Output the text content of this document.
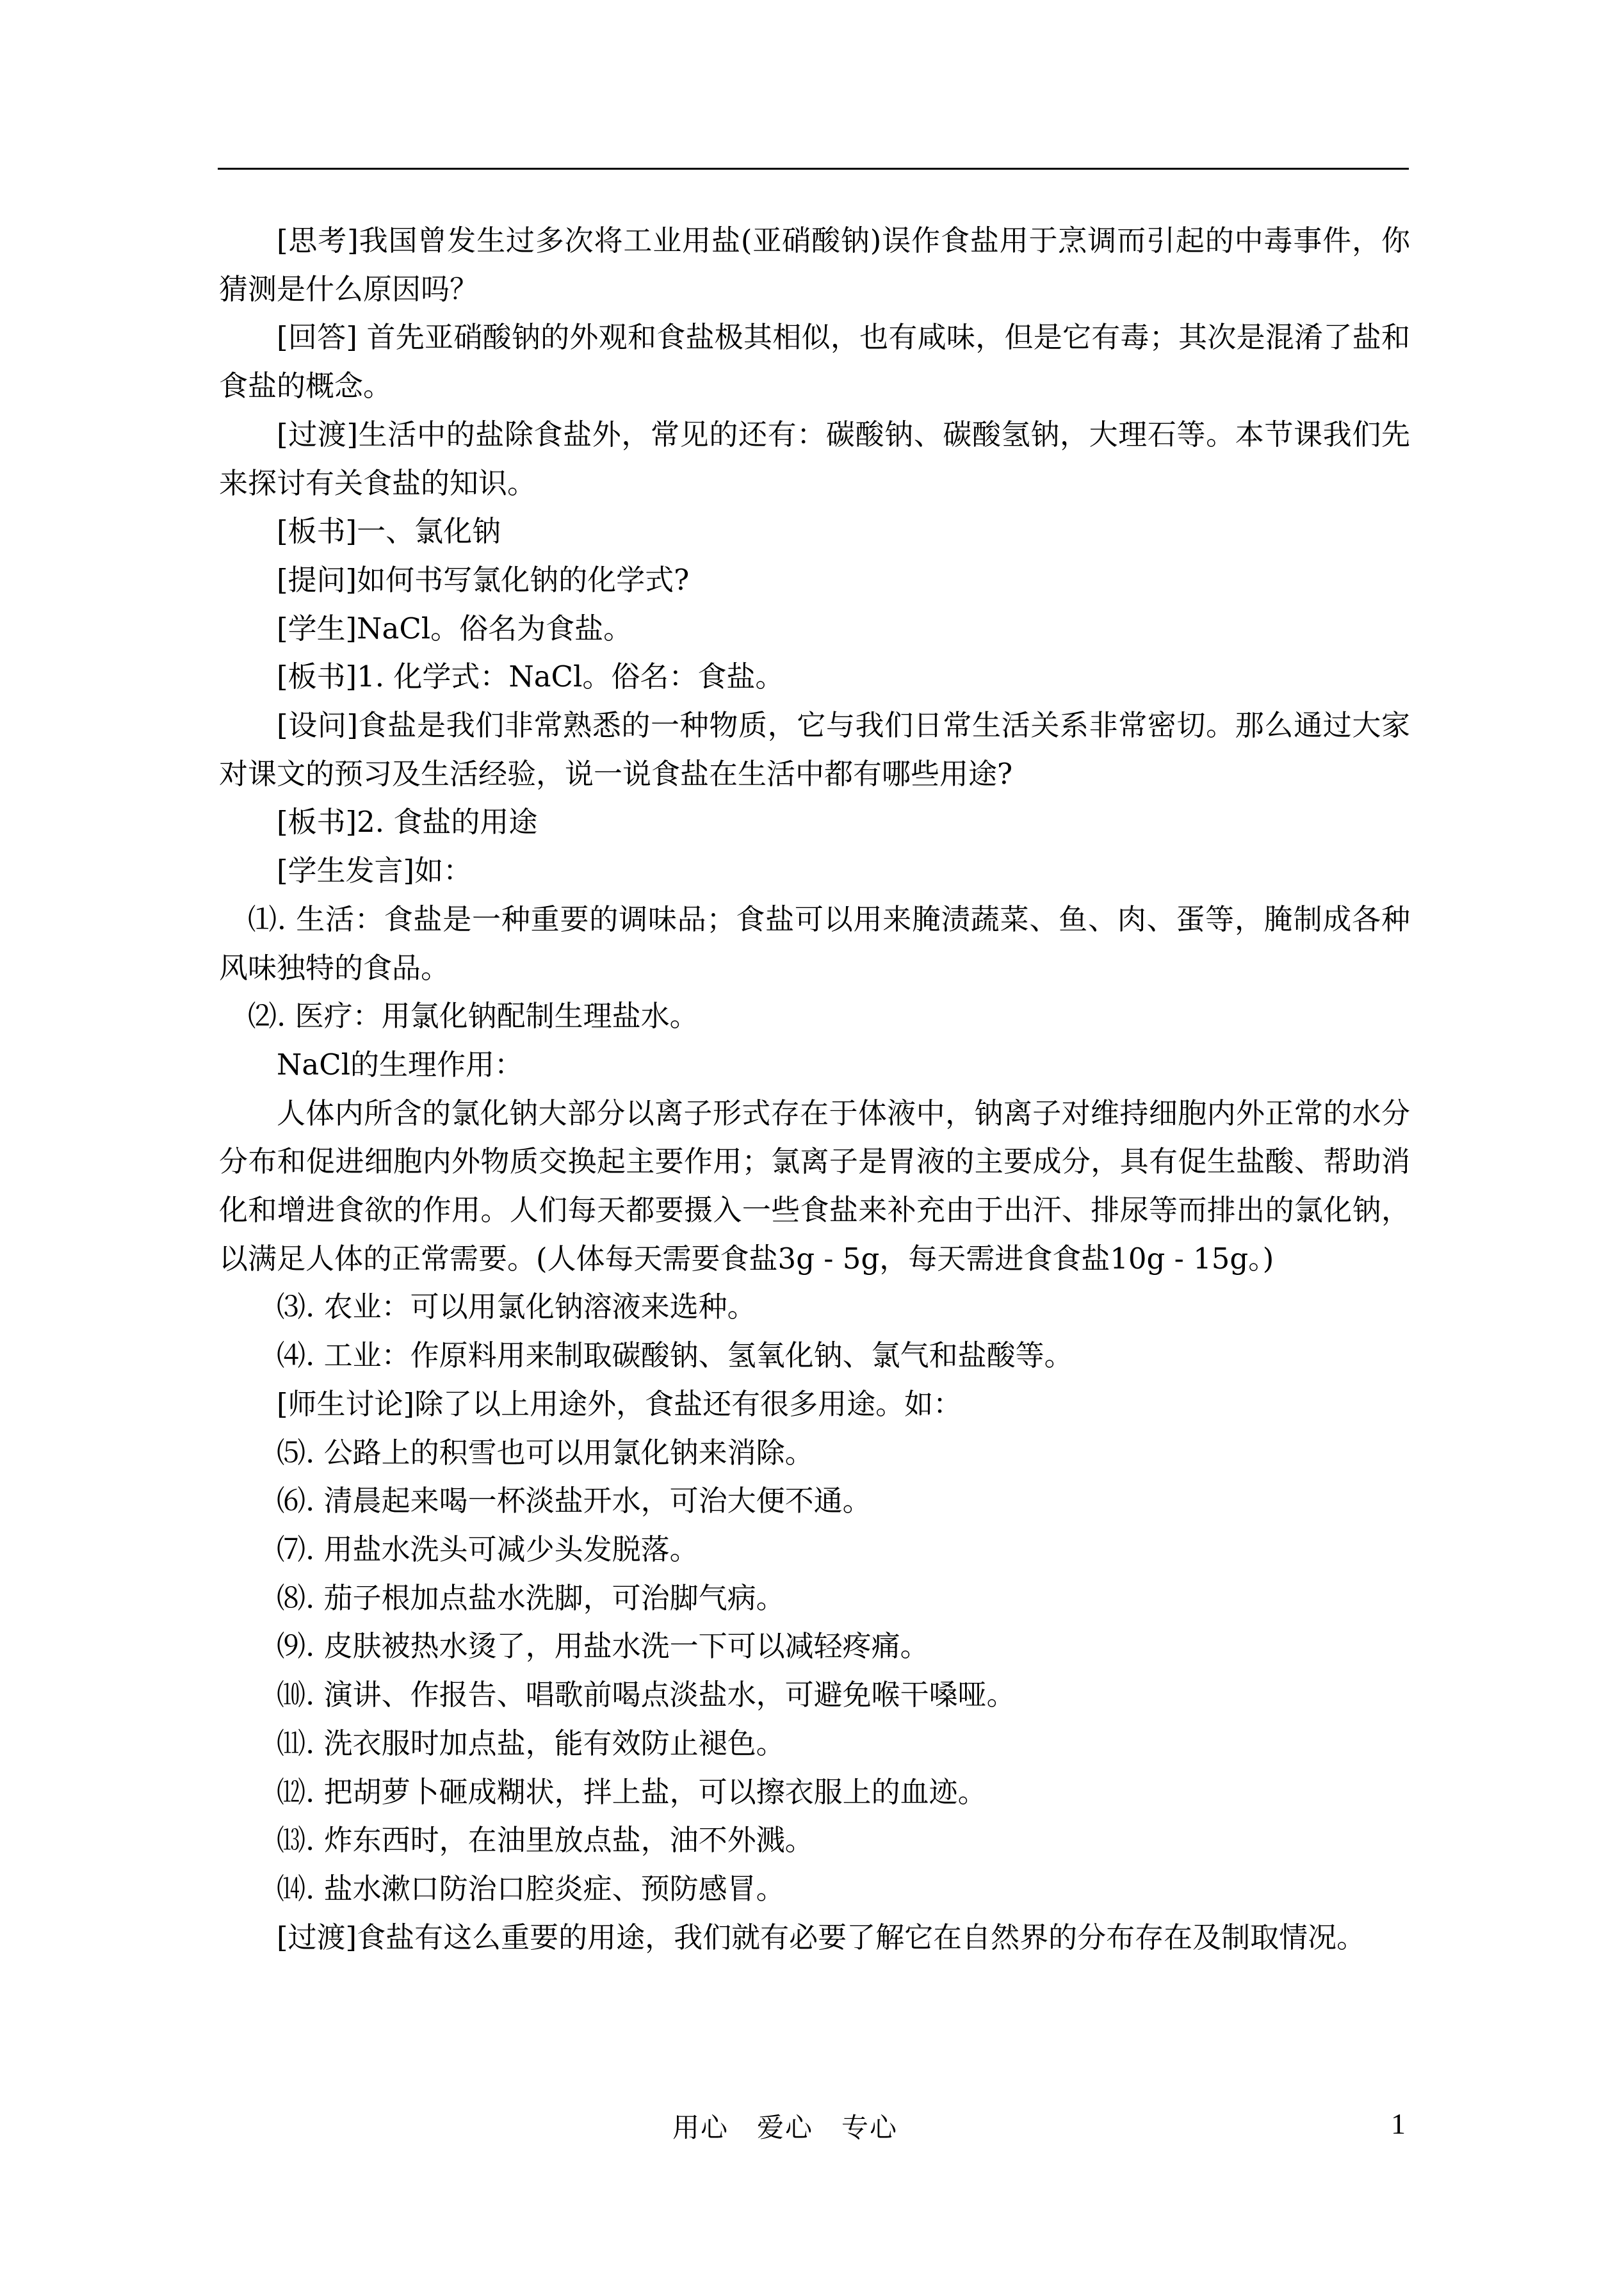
[思考]我国曾发生过多次将工业用盐(亚硝酸钠)误作食盐用于烹调而引起的中毒事件，你猜测是什么原因吗？

[回答] 首先亚硝酸钠的外观和食盐极其相似，也有咸味，但是它有毒；其次是混淆了盐和食盐的概念。

[过渡]生活中的盐除食盐外，常见的还有：碳酸钠、碳酸氢钠，大理石等。本节课我们先来探讨有关食盐的知识。

[板书]一、氯化钠

[提问]如何书写氯化钠的化学式?

[学生]NaCl。俗名为食盐。

[板书]1. 化学式：NaCl。俗名：食盐。

[设问]食盐是我们非常熟悉的一种物质，它与我们日常生活关系非常密切。那么通过大家对课文的预习及生活经验，说一说食盐在生活中都有哪些用途?

[板书]2. 食盐的用途

[学生发言]如：

⑴. 生活：食盐是一种重要的调味品；食盐可以用来腌渍蔬菜、鱼、肉、蛋等，腌制成各种风味独特的食品。

⑵. 医疗：用氯化钠配制生理盐水。

NaCl的生理作用：

人体内所含的氯化钠大部分以离子形式存在于体液中，钠离子对维持细胞内外正常的水分分布和促进细胞内外物质交换起主要作用；氯离子是胃液的主要成分，具有促生盐酸、帮助消化和增进食欲的作用。人们每天都要摄入一些食盐来补充由于出汗、排尿等而排出的氯化钠，以满足人体的正常需要。(人体每天需要食盐3g - 5g，每天需进食食盐10g - 15g。)

⑶. 农业：可以用氯化钠溶液来选种。

⑷. 工业：作原料用来制取碳酸钠、氢氧化钠、氯气和盐酸等。

[师生讨论]除了以上用途外，食盐还有很多用途。如：

⑸. 公路上的积雪也可以用氯化钠来消除。

⑹. 清晨起来喝一杯淡盐开水，可治大便不通。

⑺. 用盐水洗头可减少头发脱落。

⑻. 茄子根加点盐水洗脚，可治脚气病。

⑼. 皮肤被热水烫了，用盐水洗一下可以减轻疼痛。

⑽. 演讲、作报告、唱歌前喝点淡盐水，可避免喉干嗓哑。

⑾. 洗衣服时加点盐，能有效防止褪色。

⑿. 把胡萝卜砸成糊状，拌上盐，可以擦衣服上的血迹。

⒀. 炸东西时，在油里放点盐，油不外溅。

⒁. 盐水漱口防治口腔炎症、预防感冒。

[过渡]食盐有这么重要的用途，我们就有必要了解它在自然界的分布存在及制取情况。

用心　爱心　专心	1
